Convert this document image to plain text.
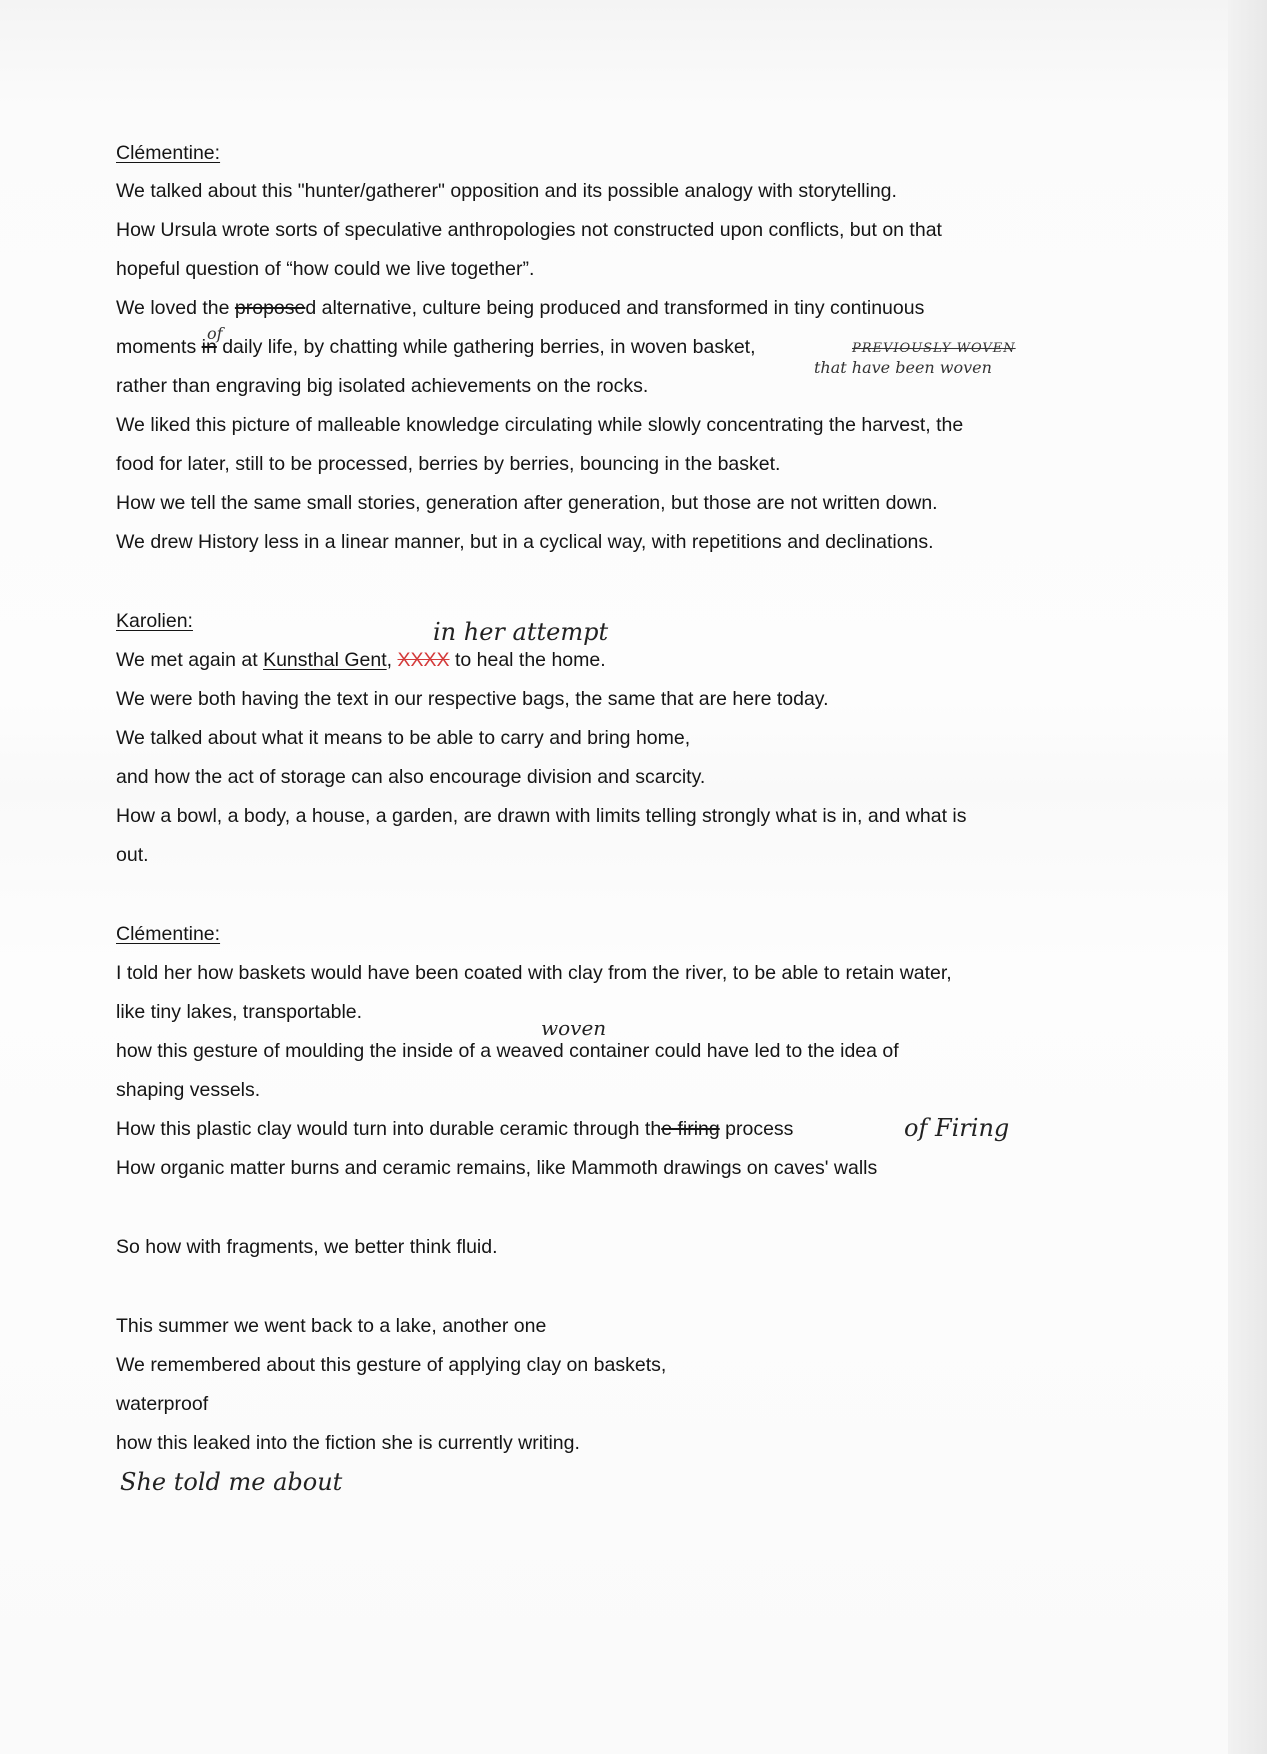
Clémentine:
We talked about this "hunter/gatherer" opposition and its possible analogy with storytelling.
How Ursula wrote sorts of speculative anthropologies not constructed upon conflicts, but on that
hopeful question of “how could we live together”.
We loved the proposed alternative, culture being produced and transformed in tiny continuous
moments in daily life, by chatting while gathering berries, in woven basket,
rather than engraving big isolated achievements on the rocks.
We liked this picture of malleable knowledge circulating while slowly concentrating the harvest, the
food for later, still to be processed, berries by berries, bouncing in the basket.
How we tell the same small stories, generation after generation, but those are not written down.
We drew History less in a linear manner, but in a cyclical way, with repetitions and declinations.
Karolien:
We met again at Kunsthal Gent, XXXX to heal the home.
We were both having the text in our respective bags, the same that are here today.
We talked about what it means to be able to carry and bring home,
and how the act of storage can also encourage division and scarcity.
How a bowl, a body, a house, a garden, are drawn with limits telling strongly what is in, and what is
out.
Clémentine:
I told her how baskets would have been coated with clay from the river, to be able to retain water,
like tiny lakes, transportable.
how this gesture of moulding the inside of a weaved container could have led to the idea of
shaping vessels.
How this plastic clay would turn into durable ceramic through the firing process
How organic matter burns and ceramic remains, like Mammoth drawings on caves' walls
So how with fragments, we better think fluid.
This summer we went back to a lake, another one
We remembered about this gesture of applying clay on baskets,
waterproof
how this leaked into the fiction she is currently writing.
of
PREVIOUSLY WOVEN
that have been woven
in her attempt
woven
of Firing
She told me about
